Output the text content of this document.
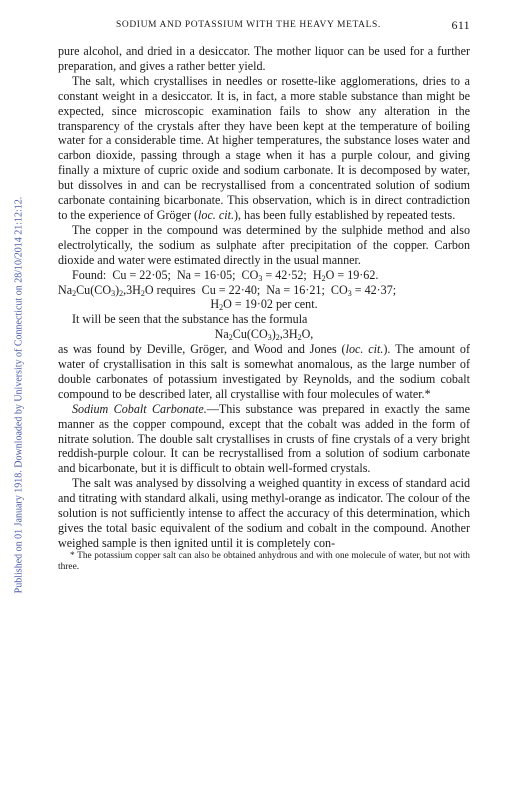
Published on 01 January 1918. Downloaded by University of Connecticut on 28/10/2014 21:12:12.
SODIUM AND POTASSIUM WITH THE HEAVY METALS.	611

pure alcohol, and dried in a desiccator. The mother liquor can be used for a further preparation, and gives a rather better yield.

The salt, which crystallises in needles or rosette-like agglomerations, dries to a constant weight in a desiccator. It is, in fact, a more stable substance than might be expected, since microscopic examination fails to show any alteration in the transparency of the crystals after they have been kept at the temperature of boiling water for a considerable time. At higher temperatures, the substance loses water and carbon dioxide, passing through a stage when it has a purple colour, and giving finally a mixture of cupric oxide and sodium carbonate. It is decomposed by water, but dissolves in and can be recrystallised from a concentrated solution of sodium carbonate containing bicarbonate. This observation, which is in direct contradiction to the experience of Gröger (loc. cit.), has been fully established by repeated tests.

The copper in the compound was determined by the sulphide method and also electrolytically, the sodium as sulphate after precipitation of the copper. Carbon dioxide and water were estimated directly in the usual manner.

Found: Cu = 22·05; Na = 16·05;  $CO_3 = 42\cdot 52$;  $H_2O = 19\cdot 62$.

$Na_2Cu(CO_3)_2,3H_2O$ requires Cu = 22·40; Na = 16·21;  $CO_3 = 42\cdot 37$;

$H_2O = 19\cdot 02$ per cent.

It will be seen that the substance has the formula

$Na_2Cu(CO_3)_2,3H_2O$,

as was found by Deville, Gröger, and Wood and Jones (loc. cit.). The amount of water of crystallisation in this salt is somewhat anomalous, as the large number of double carbonates of potassium investigated by Reynolds, and the sodium cobalt compound to be described later, all crystallise with four molecules of water.*

Sodium Cobalt Carbonate.—This substance was prepared in exactly the same manner as the copper compound, except that the cobalt was added in the form of nitrate solution. The double salt crystallises in crusts of fine crystals of a very bright reddish-purple colour. It can be recrystallised from a solution of sodium carbonate and bicarbonate, but it is difficult to obtain well-formed crystals.

The salt was analysed by dissolving a weighed quantity in excess of standard acid and titrating with standard alkali, using methyl-orange as indicator. The colour of the solution is not sufficiently intense to affect the accuracy of this determination, which gives the total basic equivalent of the sodium and cobalt in the compound. Another weighed sample is then ignited until it is completely con-

* The potassium copper salt can also be obtained anhydrous and with one molecule of water, but not with three.
